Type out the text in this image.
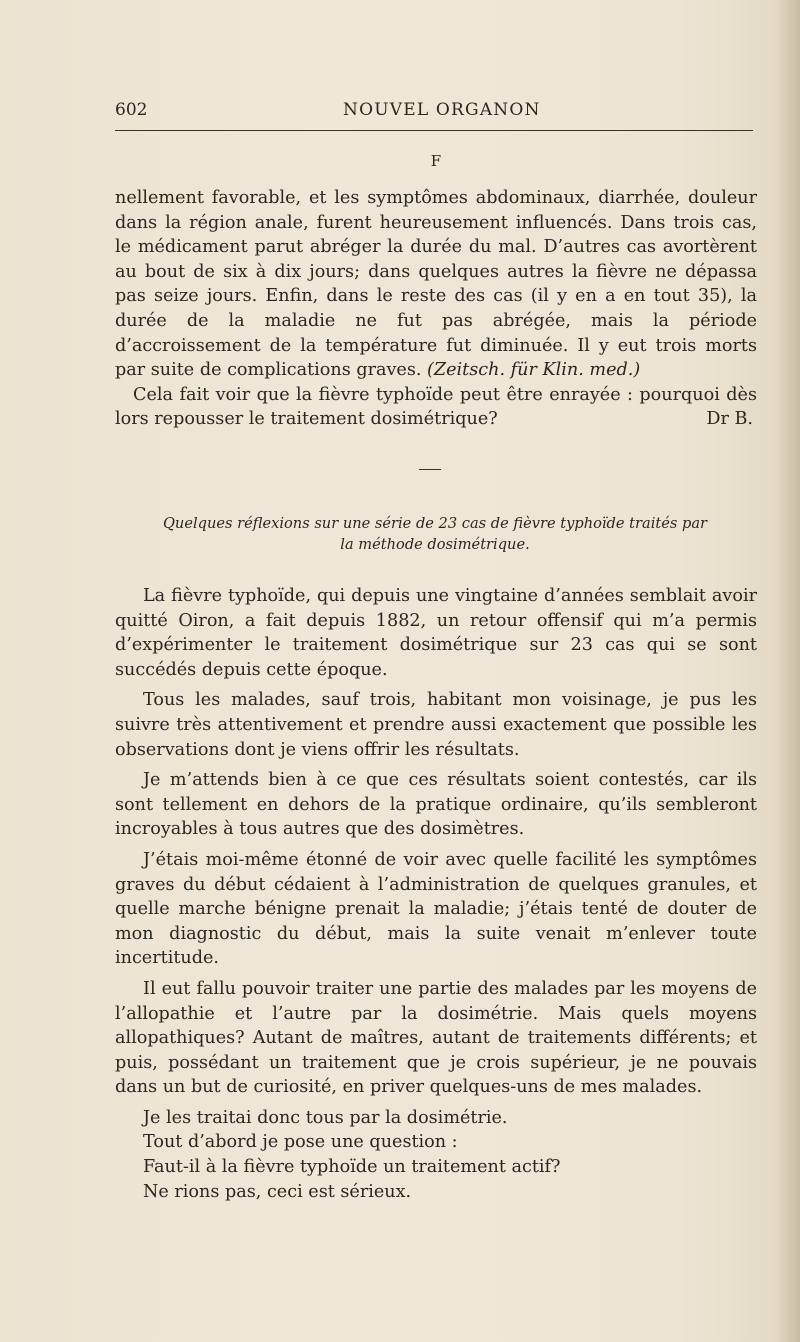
602	NOUVEL ORGANON
F

nellement favorable, et les symptômes abdominaux, diarrhée, douleur dans la région anale, furent heureusement influencés. Dans trois cas, le médicament parut abréger la durée du mal. D’autres cas avortèrent au bout de six à dix jours; dans quelques autres la fièvre ne dépassa pas seize jours. Enfin, dans le reste des cas (il y en a en tout 35), la durée de la maladie ne fut pas abrégée, mais la période d’accroissement de la température fut diminuée. Il y eut trois morts par suite de complications graves. (Zeitsch. für Klin. med.)

Cela fait voir que la fièvre typhoïde peut être enrayée : pourquoi dès lors repousser le traitement dosimétrique?	Dr B.

Quelques réflexions sur une série de 23 cas de fièvre typhoïde traités par
la méthode dosimétrique.

La fièvre typhoïde, qui depuis une vingtaine d’années semblait avoir quitté Oiron, a fait depuis 1882, un retour offensif qui m’a permis d’expérimenter le traitement dosimétrique sur 23 cas qui se sont succédés depuis cette époque.

Tous les malades, sauf trois, habitant mon voisinage, je pus les suivre très attentivement et prendre aussi exactement que possible les observations dont je viens offrir les résultats.

Je m’attends bien à ce que ces résultats soient contestés, car ils sont tellement en dehors de la pratique ordinaire, qu’ils sembleront incroyables à tous autres que des dosimètres.

J’étais moi-même étonné de voir avec quelle facilité les symptômes graves du début cédaient à l’administration de quelques granules, et quelle marche bénigne prenait la maladie; j’étais tenté de douter de mon diagnostic du début, mais la suite venait m’enlever toute incertitude.

Il eut fallu pouvoir traiter une partie des malades par les moyens de l’allopathie et l’autre par la dosimétrie. Mais quels moyens allopathiques? Autant de maîtres, autant de traitements différents; et puis, possédant un traitement que je crois supérieur, je ne pouvais dans un but de curiosité, en priver quelques-uns de mes malades.

Je les traitai donc tous par la dosimétrie.

Tout d’abord je pose une question :

Faut-il à la fièvre typhoïde un traitement actif?

Ne rions pas, ceci est sérieux.
